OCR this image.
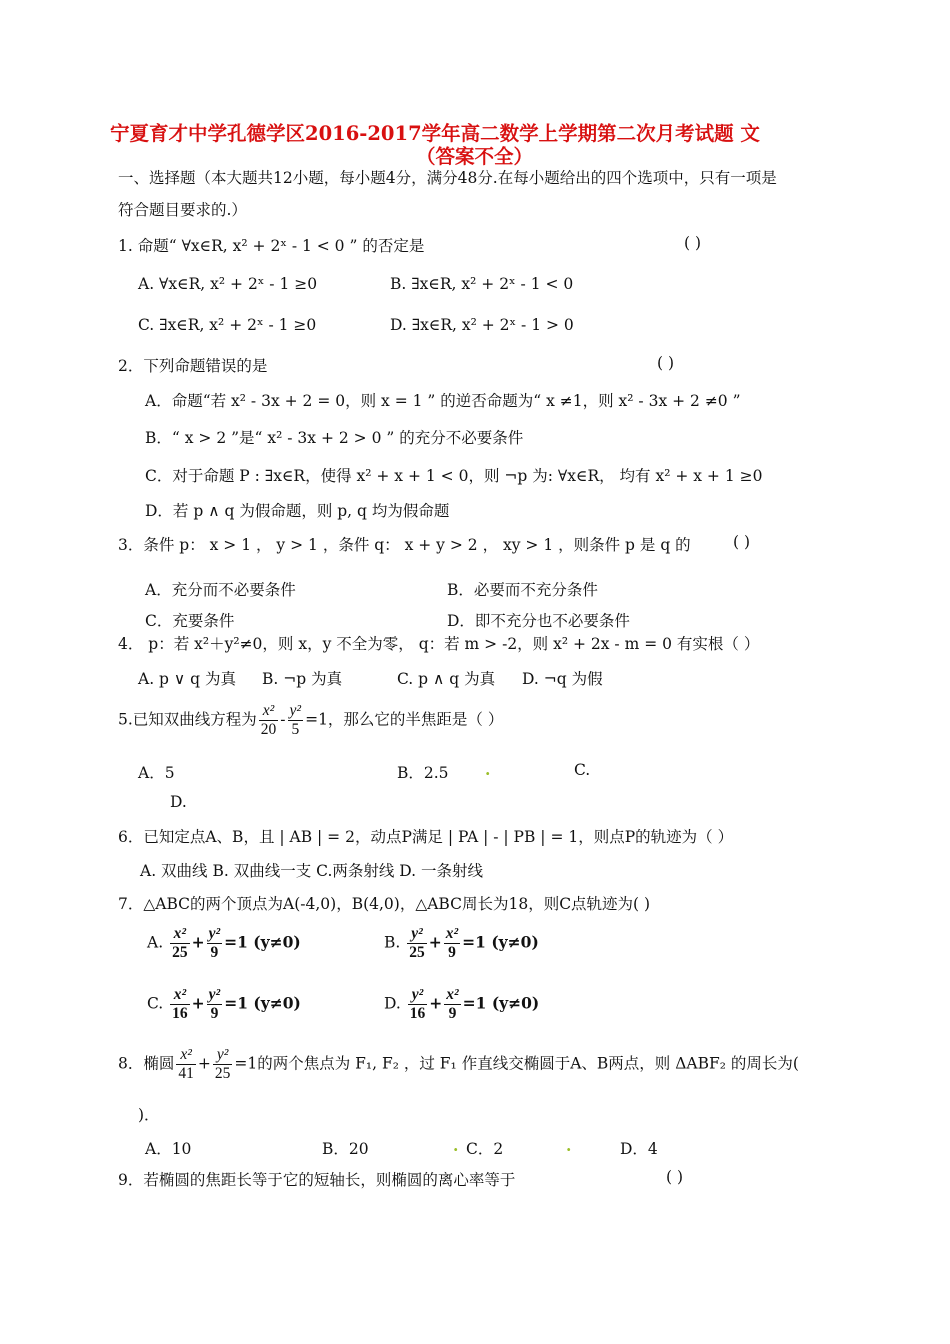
宁夏育才中学孔德学区2016-2017学年高二数学上学期第二次月考试题 文
（答案不全）
一、选择题（本大题共12小题，每小题4分，满分48分.在每小题给出的四个选项中，只有一项是
符合题目要求的.）
1. 命题“ ∀x∈R, x² + 2ˣ - 1 < 0 ” 的否定是	( )
A. ∀x∈R, x² + 2ˣ - 1 ≥0	B. ∃x∈R, x² + 2ˣ - 1 < 0
C. ∃x∈R, x² + 2ˣ - 1 ≥0	D. ∃x∈R, x² + 2ˣ - 1 > 0
2．下列命题错误的是	( )
A．命题“若 x² - 3x + 2 = 0，则 x = 1 ” 的逆否命题为“ x ≠1，则 x² - 3x + 2 ≠0 ”
B．“ x > 2 ”是“ x² - 3x + 2 > 0 ” 的充分不必要条件
C．对于命题 P : ∃x∈R，使得 x² + x + 1 < 0，则 ¬p 为: ∀x∈R， 均有 x² + x + 1 ≥0
D．若 p ∧ q 为假命题，则 p, q 均为假命题
3．条件 p： x > 1 ， y > 1 ，条件 q： x + y > 2 ， xy > 1 ，则条件 p 是 q 的	( )
A．充分而不必要条件	B．必要而不充分条件
C．充要条件	D．即不充分也不必要条件
4． p：若 x²＋y²≠0，则 x，y 不全为零， q：若 m > -2，则 x² + 2x - m = 0 有实根（ ）
A. p ∨ q 为真 B. ¬p 为真	C. p ∧ q 为真 D. ¬q 为假
5.已知双曲线方程为 $\frac{\text{x²}}{20} - \frac{\text{y²}}{5} =1$，那么它的半焦距是（ ）
A．5	B．2.5 .	C.
D.
6．已知定点A、B，且 | AB | = 2，动点P满足 | PA | - | PB | = 1，则点P的轨迹为（ ）
A. 双曲线 B. 双曲线一支 C.两条射线 D. 一条射线
7．△ABC的两个顶点为A(-4,0)，B(4,0)，△ABC周长为18，则C点轨迹为( )
A. $\frac{\text{x²}}{25} + \frac{\text{y²}}{9} =1$ (y≠0)	B. $\frac{\text{y²}}{25} + \frac{\text{x²}}{9} =1$ (y≠0)
C. $\frac{\text{x²}}{16} + \frac{\text{y²}}{9} =1$ (y≠0)	D. $\frac{\text{y²}}{16} + \frac{\text{x²}}{9} =1$ (y≠0)
8．椭圆 $\frac{\text{x²}}{41} + \frac{\text{y²}}{25} =1$的两个焦点为 F₁, F₂ ，过 F₁ 作直线交椭圆于A、B两点，则 ΔABF₂ 的周长为(
)．
A．10	B．20	. C．2	.	D．4
9．若椭圆的焦距长等于它的短轴长，则椭圆的离心率等于	( )
